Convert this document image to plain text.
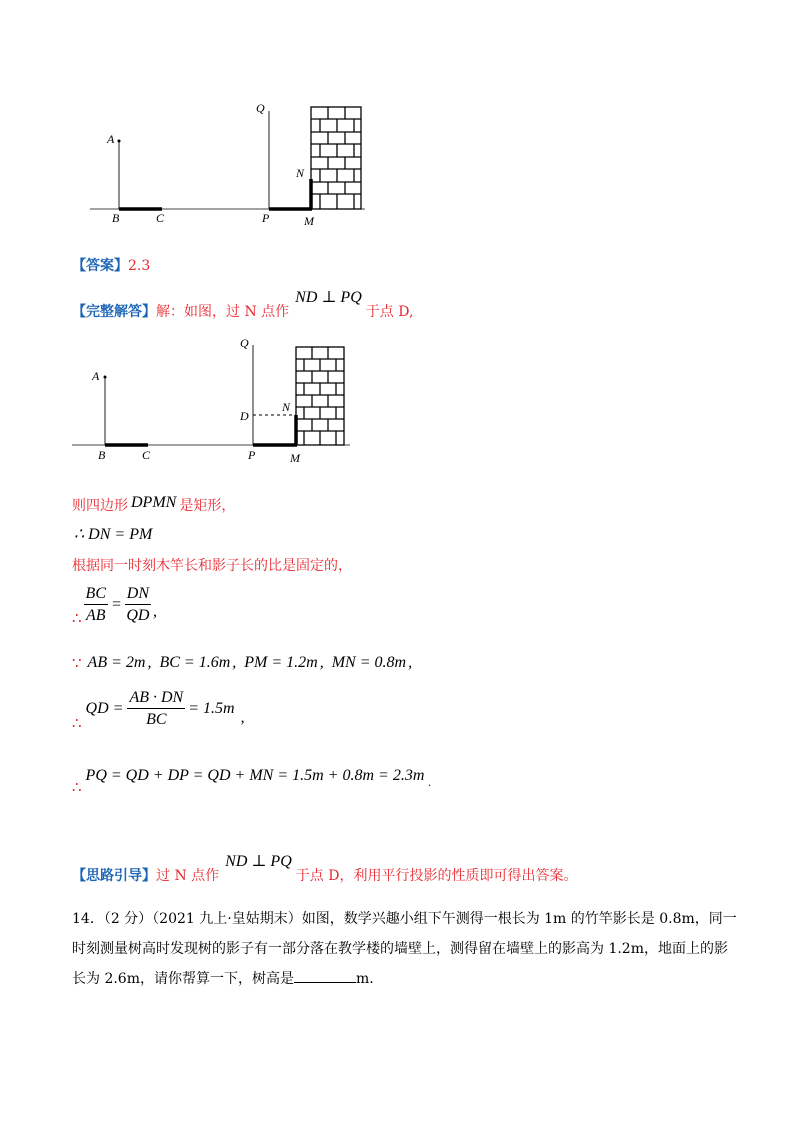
A
B	C
Q
P	M
N
【答案】2.3
【完整解答】 解：如图，过 N 点作
ND ⊥ PQ
于点 D,
A
B	C
Q
D
P	M
N
则四边形 DPMN 是矩形，
∴ DN = PM
根据同一时刻木竿长和影子长的比是固定的，
∴ $\frac{BC}{AB} = \frac{DN}{QD}$ ,
∵ AB = 2m , BC = 1.6m , PM = 1.2m , MN = 0.8m ,
∴
QD = $\frac{AB \cdot DN}{BC} = 1.5m$
,
∴
PQ = QD + DP = QD + MN = 1.5m + 0.8m = 2.3m .
【思路引导】 过 N 点作
ND ⊥ PQ
于点 D，利用平行投影的性质即可得出答案。
14．（2 分）（2021 九上·皇姑期末）如图，数学兴趣小组下午测得一根长为 1m 的竹竿影长是 0.8m，同一
时刻测量树高时发现树的影子有一部分落在教学楼的墙壁上，测得留在墙壁上的影高为 1.2m，地面上的影
长为 2.6m，请你帮算一下，树高是	m.
